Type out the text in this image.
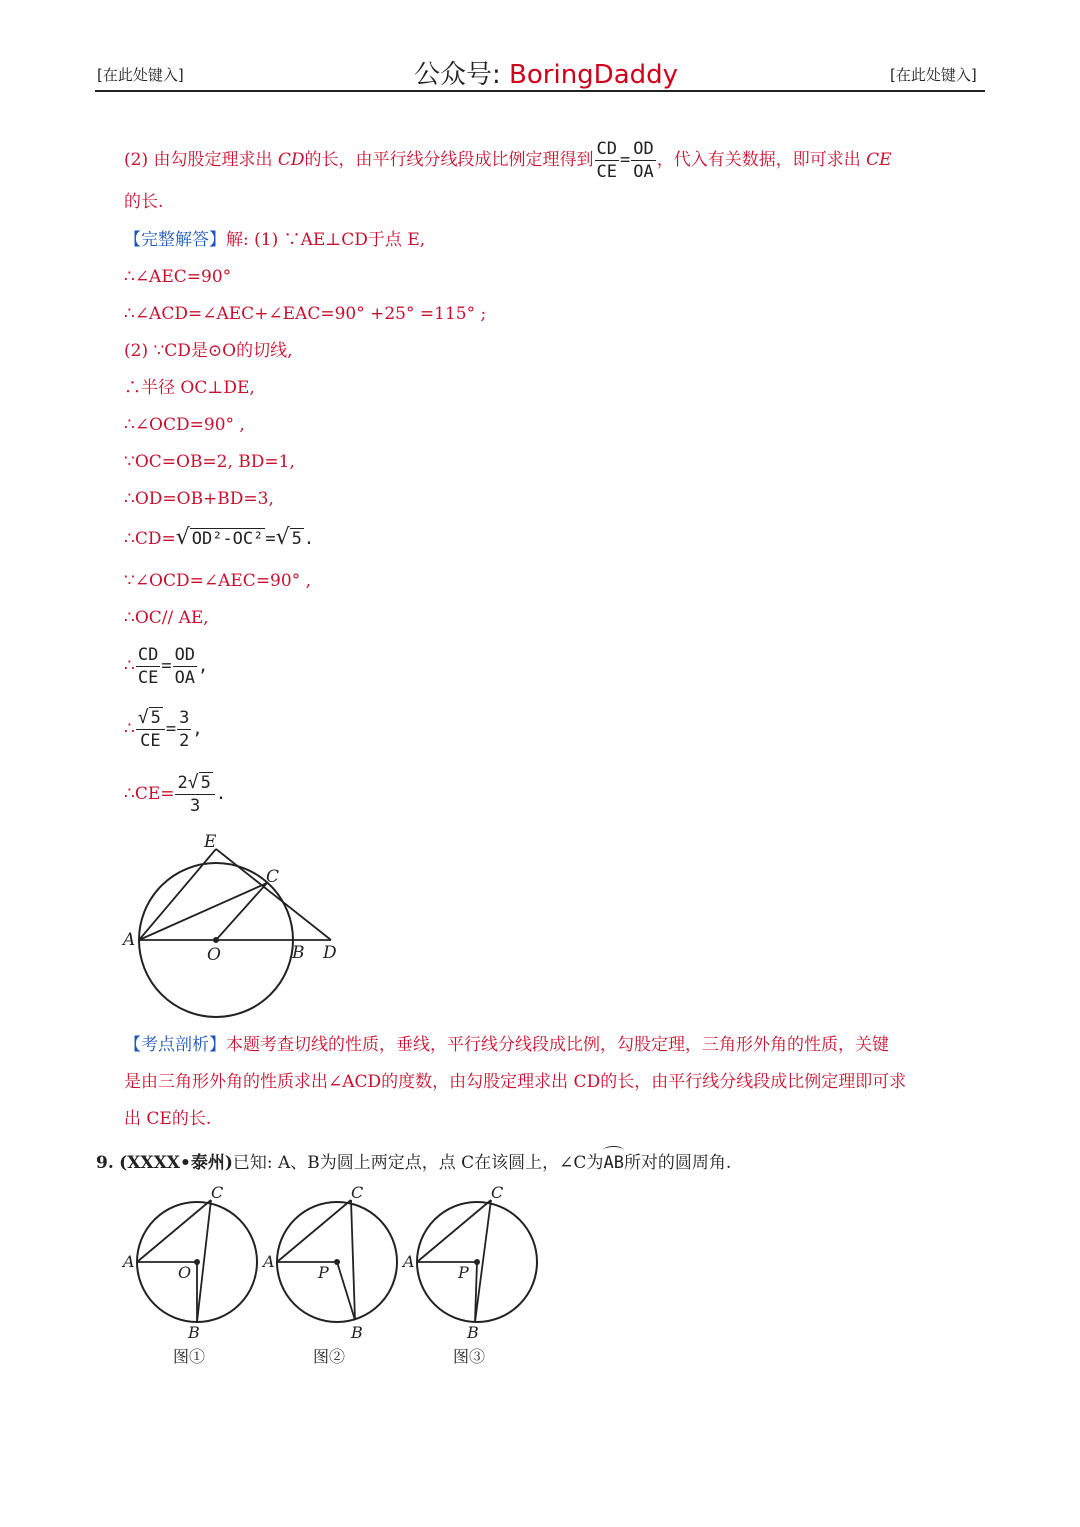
[在此处键入]	公众号: BoringDaddy	[在此处键入]
(2) 由勾股定理求出 CD的长，由平行线分线段成比例定理得到 $\frac{CD}{CE} = \frac{OD}{OA}$ ，代入有关数据，即可求出 CE
的长.
【完整解答】解: (1) ∵AE⊥CD于点 E,
∴∠AEC=90°
∴∠ACD=∠AEC+∠EAC=90° +25° =115° ;
(2) ∵CD是⊙O的切线,
∴半径 OC⊥DE,
∴∠OCD=90° ,
∵OC=OB=2, BD=1,
∴OD=OB+BD=3,
∴CD=√ OD²-OC² =√ 5 .
∵∠OCD=∠AEC=90° ,
∴OC// AE,
∴ $\frac{CD}{CE} = \frac{OD}{OA}$ ,
∴ $\frac{√ 5}{CE} = \frac{3}{2}$ ,
∴CE= $\frac{2√ 5}{3}$ .
E
C
A
O	B D
【考点剖析】本题考查切线的性质，垂线，平行线分线段成比例，勾股定理，三角形外角的性质，关键
是由三角形外角的性质求出∠ACD的度数，由勾股定理求出 CD的长，由平行线分线段成比例定理即可求
出 CE的长.
9. (XXXX•泰州)已知: A、B为圆上两定点，点 C在该圆上，∠C为AB所对的圆周角.
C
A
O
B
图①
C
A
P
B
图②
C
A
P
B
图③
